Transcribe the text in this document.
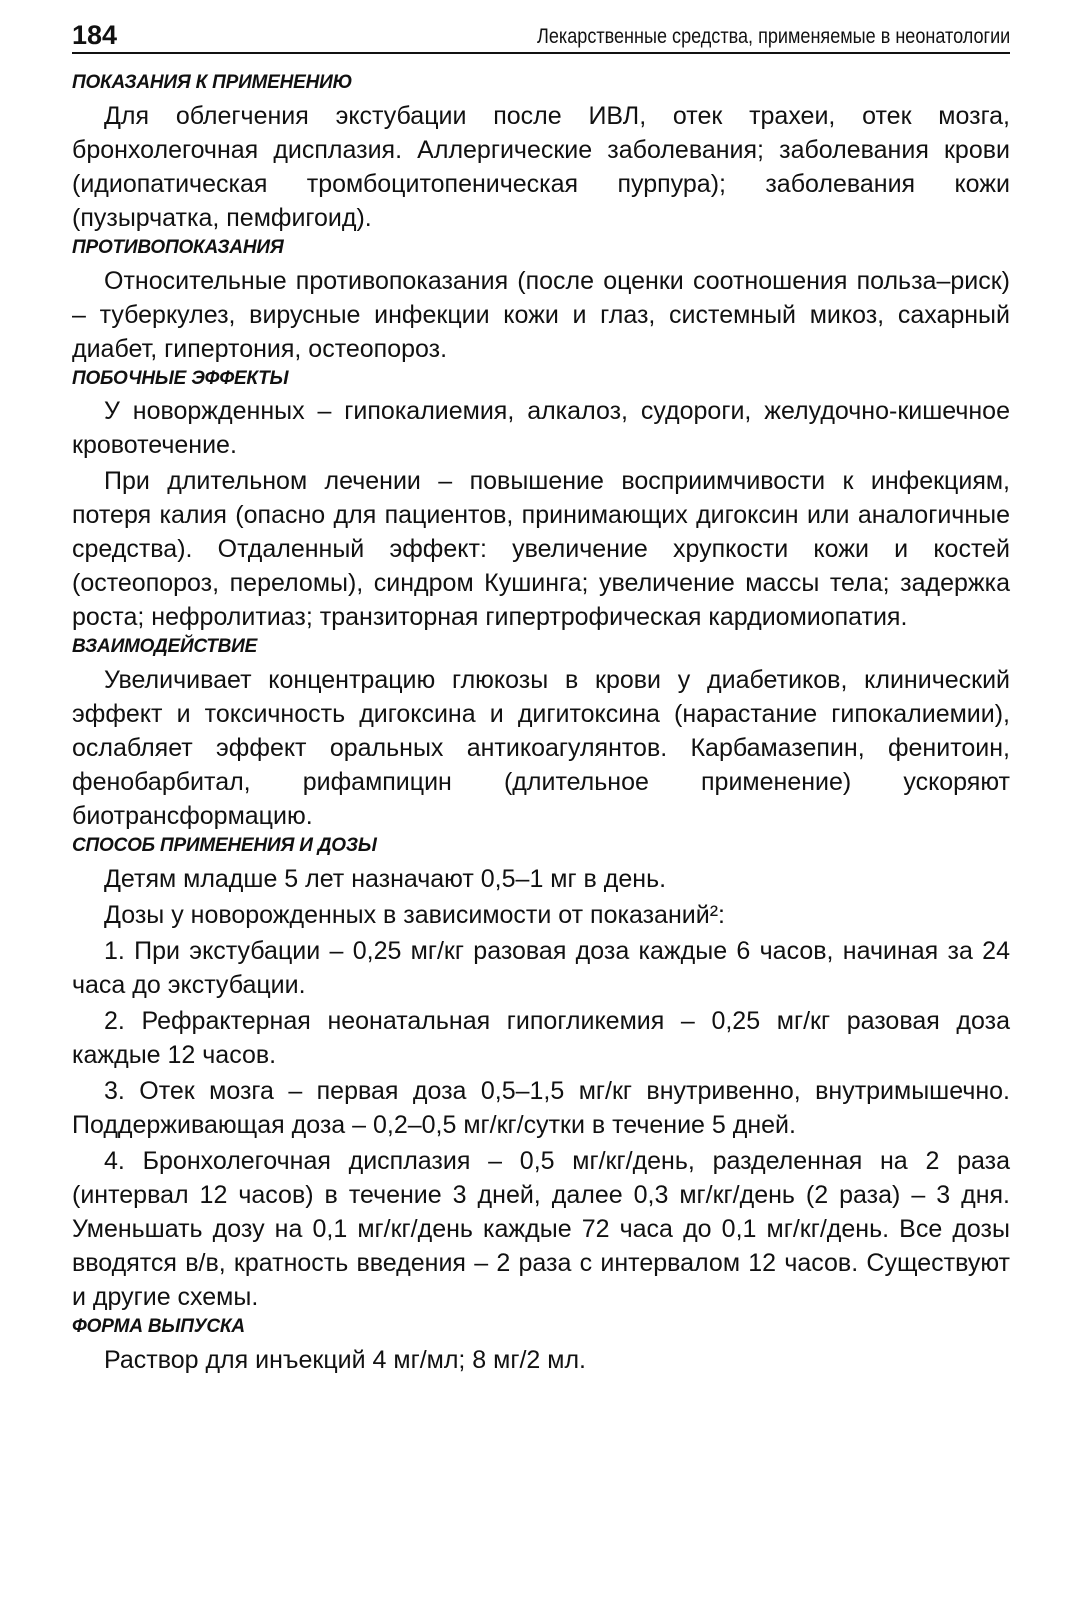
184	Лекарственные средства, применяемые в неонатологии
ПОКАЗАНИЯ К ПРИМЕНЕНИЮ

Для облегчения экстубации после ИВЛ, отек трахеи, отек мозга, бронхолегочная дисплазия. Аллергические заболевания; заболевания крови (идиопатическая тромбоцитопеническая пурпура); заболевания кожи (пузырчатка, пемфигоид).

ПРОТИВОПОКАЗАНИЯ

Относительные противопоказания (после оценки соотношения польза–риск) – туберкулез, вирусные инфекции кожи и глаз, системный микоз, сахарный диабет, гипертония, остеопороз.

ПОБОЧНЫЕ ЭФФЕКТЫ

У новоржденных – гипокалиемия, алкалоз, судороги, желудочно-кишечное кровотечение.

При длительном лечении – повышение восприимчивости к инфекциям, потеря калия (опасно для пациентов, принимающих дигоксин или аналогичные средства). Отдаленный эффект: увеличение хрупкости кожи и костей (остеопороз, переломы), синдром Кушинга; увеличение массы тела; задержка роста; нефролитиаз; транзиторная гипертрофическая кардиомиопатия.

ВЗАИМОДЕЙСТВИЕ

Увеличивает концентрацию глюкозы в крови у диабетиков, клинический эффект и токсичность дигоксина и дигитоксина (нарастание гипокалиемии), ослабляет эффект оральных антикоагулянтов. Карбамазепин, фенитоин, фенобарбитал, рифампицин (длительное применение) ускоряют биотрансформацию.

СПОСОБ ПРИМЕНЕНИЯ И ДОЗЫ

Детям младше 5 лет назначают 0,5–1 мг в день.

Дозы у новорожденных в зависимости от показаний²:

1. При экстубации – 0,25 мг/кг разовая доза каждые 6 часов, начиная за 24 часа до экстубации.

2. Рефрактерная неонатальная гипогликемия – 0,25 мг/кг разовая доза каждые 12 часов.

3. Отек мозга – первая доза 0,5–1,5 мг/кг внутривенно, внутримышечно. Поддерживающая доза – 0,2–0,5 мг/кг/сутки в течение 5 дней.

4. Бронхолегочная дисплазия – 0,5 мг/кг/день, разделенная на 2 раза (интервал 12 часов) в течение 3 дней, далее 0,3 мг/кг/день (2 раза) – 3 дня. Уменьшать дозу на 0,1 мг/кг/день каждые 72 часа до 0,1 мг/кг/день. Все дозы вводятся в/в, кратность введения – 2 раза с интервалом 12 часов. Существуют и другие схемы.

ФОРМА ВЫПУСКА

Раствор для инъекций 4 мг/мл; 8 мг/2 мл.
